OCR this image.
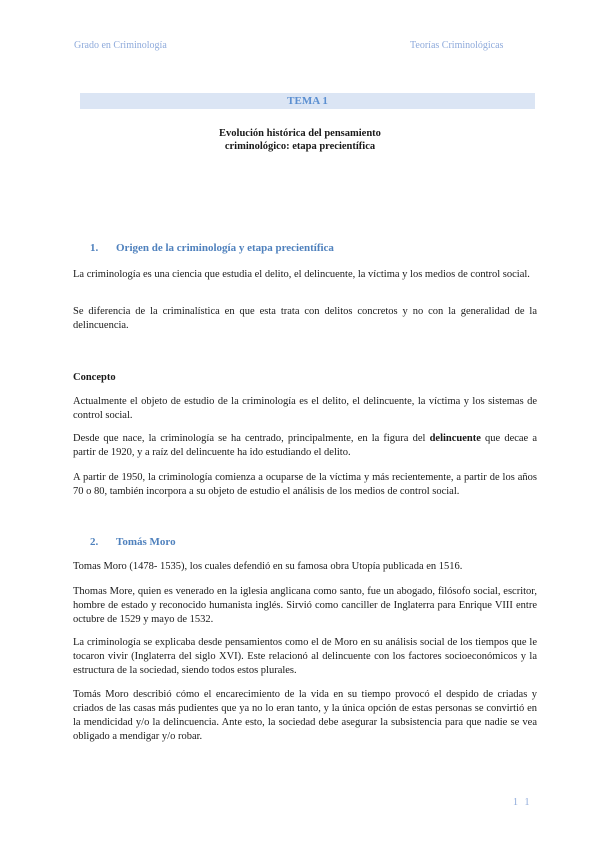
Grado en Criminología	Teorías Criminológicas
TEMA 1
Evolución histórica del pensamiento criminológico: etapa precientífica
1. Origen de la criminología y etapa precientífica
La criminología es una ciencia que estudia el delito, el delincuente, la víctima y los medios de control social.
Se diferencia de la criminalística en que esta trata con delitos concretos y no con la generalidad de la delincuencia.
Concepto
Actualmente el objeto de estudio de la criminología es el delito, el delincuente, la víctima y los sistemas de control social.
Desde que nace, la criminología se ha centrado, principalmente, en la figura del delincuente que decae a partir de 1920, y a raíz del delincuente ha ido estudiando el delito.
A partir de 1950, la criminología comienza a ocuparse de la víctima y más recientemente, a partir de los años 70 o 80, también incorpora a su objeto de estudio el análisis de los medios de control social.
2. Tomás Moro
Tomas Moro (1478- 1535), los cuales defendió en su famosa obra Utopía publicada en 1516.
Thomas More, quien es venerado en la iglesia anglicana como santo, fue un abogado, filósofo social, escritor, hombre de estado y reconocido humanista inglés. Sirvió como canciller de Inglaterra para Enrique VIII entre octubre de 1529 y mayo de 1532.
La criminología se explicaba desde pensamientos como el de Moro en su análisis social de los tiempos que le tocaron vivir (Inglaterra del siglo XVI). Este relacionó al delincuente con los factores socioeconómicos y la estructura de la sociedad, siendo todos estos plurales.
Tomás Moro describió cómo el encarecimiento de la vida en su tiempo provocó el despido de criadas y criados de las casas más pudientes que ya no lo eran tanto, y la única opción de estas personas se convirtió en la mendicidad y/o la delincuencia. Ante esto, la sociedad debe asegurar la subsistencia para que nadie se vea obligado a mendigar y/o robar.
1 1
